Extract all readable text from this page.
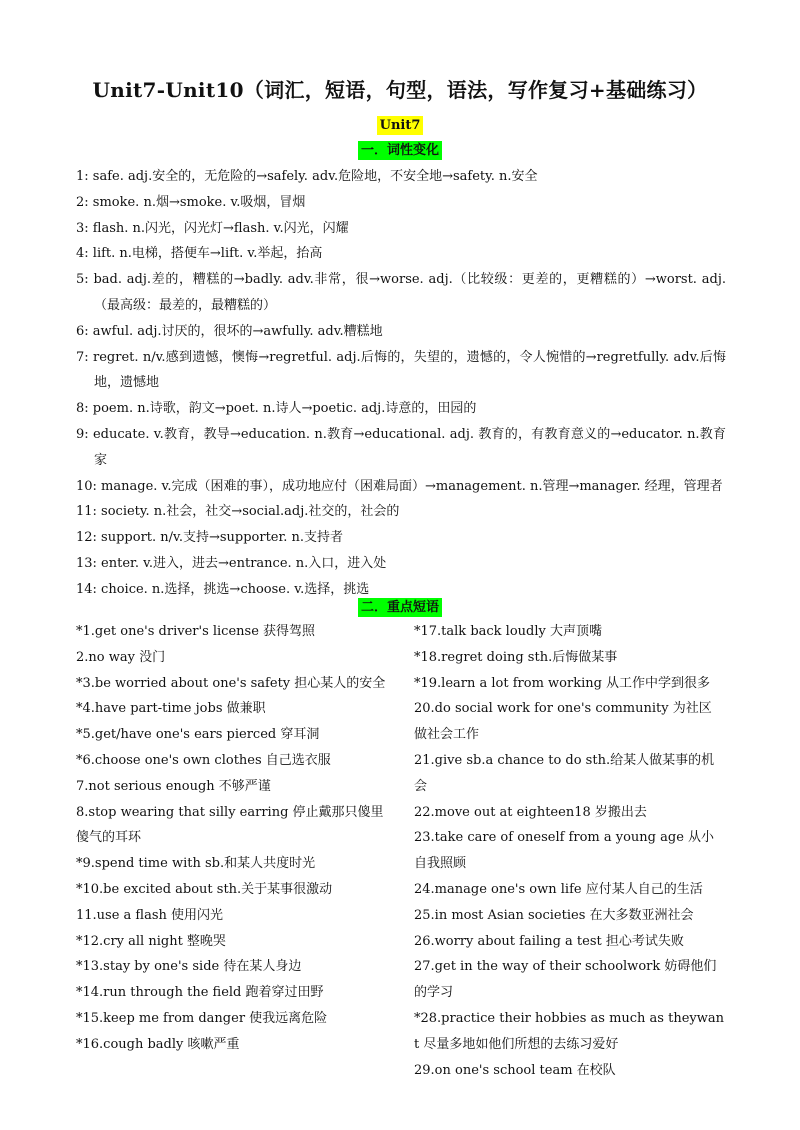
Unit7-Unit10（词汇，短语，句型，语法，写作复习+基础练习）
Unit7
一．词性变化
1: safe. adj.安全的，无危险的→safely. adv.危险地，不安全地→safety. n.安全
2: smoke. n.烟→smoke. v.吸烟，冒烟
3: flash. n.闪光，闪光灯→flash. v.闪光，闪耀
4: lift. n.电梯，搭便车→lift. v.举起，抬高
5: bad. adj.差的，糟糕的→badly. adv.非常，很→worse. adj.（比较级：更差的，更糟糕的）→worst. adj.（最高级：最差的，最糟糕的）
6: awful. adj.讨厌的，很坏的→awfully. adv.糟糕地
7: regret. n/v.感到遗憾，懊悔→regretful. adj.后悔的，失望的，遗憾的，令人惋惜的→regretfully. adv.后悔地，遗憾地
8: poem. n.诗歌，韵文→poet. n.诗人→poetic. adj.诗意的，田园的
9: educate. v.教育，教导→education. n.教育→educational. adj. 教育的，有教育意义的→educator. n.教育家
10: manage. v.完成（困难的事），成功地应付（困难局面）→management. n.管理→manager. 经理，管理者
11: society. n.社会，社交→social.adj.社交的，社会的
12: support. n/v.支持→supporter. n.支持者
13: enter. v.进入，进去→entrance. n.入口，进入处
14: choice. n.选择，挑选→choose. v.选择，挑选
二．重点短语
*1.get one's driver's license 获得驾照
2.no way 没门
*3.be worried about one's safety 担心某人的安全
*4.have part-time jobs 做兼职
*5.get/have one's ears pierced 穿耳洞
*6.choose one's own clothes 自己选衣服
7.not serious enough 不够严谨
8.stop wearing that silly earring 停止戴那只傻里傻气的耳环
*9.spend time with sb.和某人共度时光
*10.be excited about sth.关于某事很激动
11.use a flash 使用闪光
*12.cry all night 整晚哭
*13.stay by one's side 待在某人身边
*14.run through the field 跑着穿过田野
*15.keep me from danger 使我远离危险
*16.cough badly 咳嗽严重
*17.talk back loudly 大声顶嘴
*18.regret doing sth.后悔做某事
*19.learn a lot from working 从工作中学到很多
20.do social work for one's community 为社区做社会工作
21.give sb.a chance to do sth.给某人做某事的机会
22.move out at eighteen18 岁搬出去
23.take care of oneself from a young age 从小自我照顾
24.manage one's own life 应付某人自己的生活
25.in most Asian societies 在大多数亚洲社会
26.worry about failing a test 担心考试失败
27.get in the way of their schoolwork 妨碍他们的学习
*28.practice their hobbies as much as theywant 尽量多地如他们所想的去练习爱好
29.on one's school team 在校队
